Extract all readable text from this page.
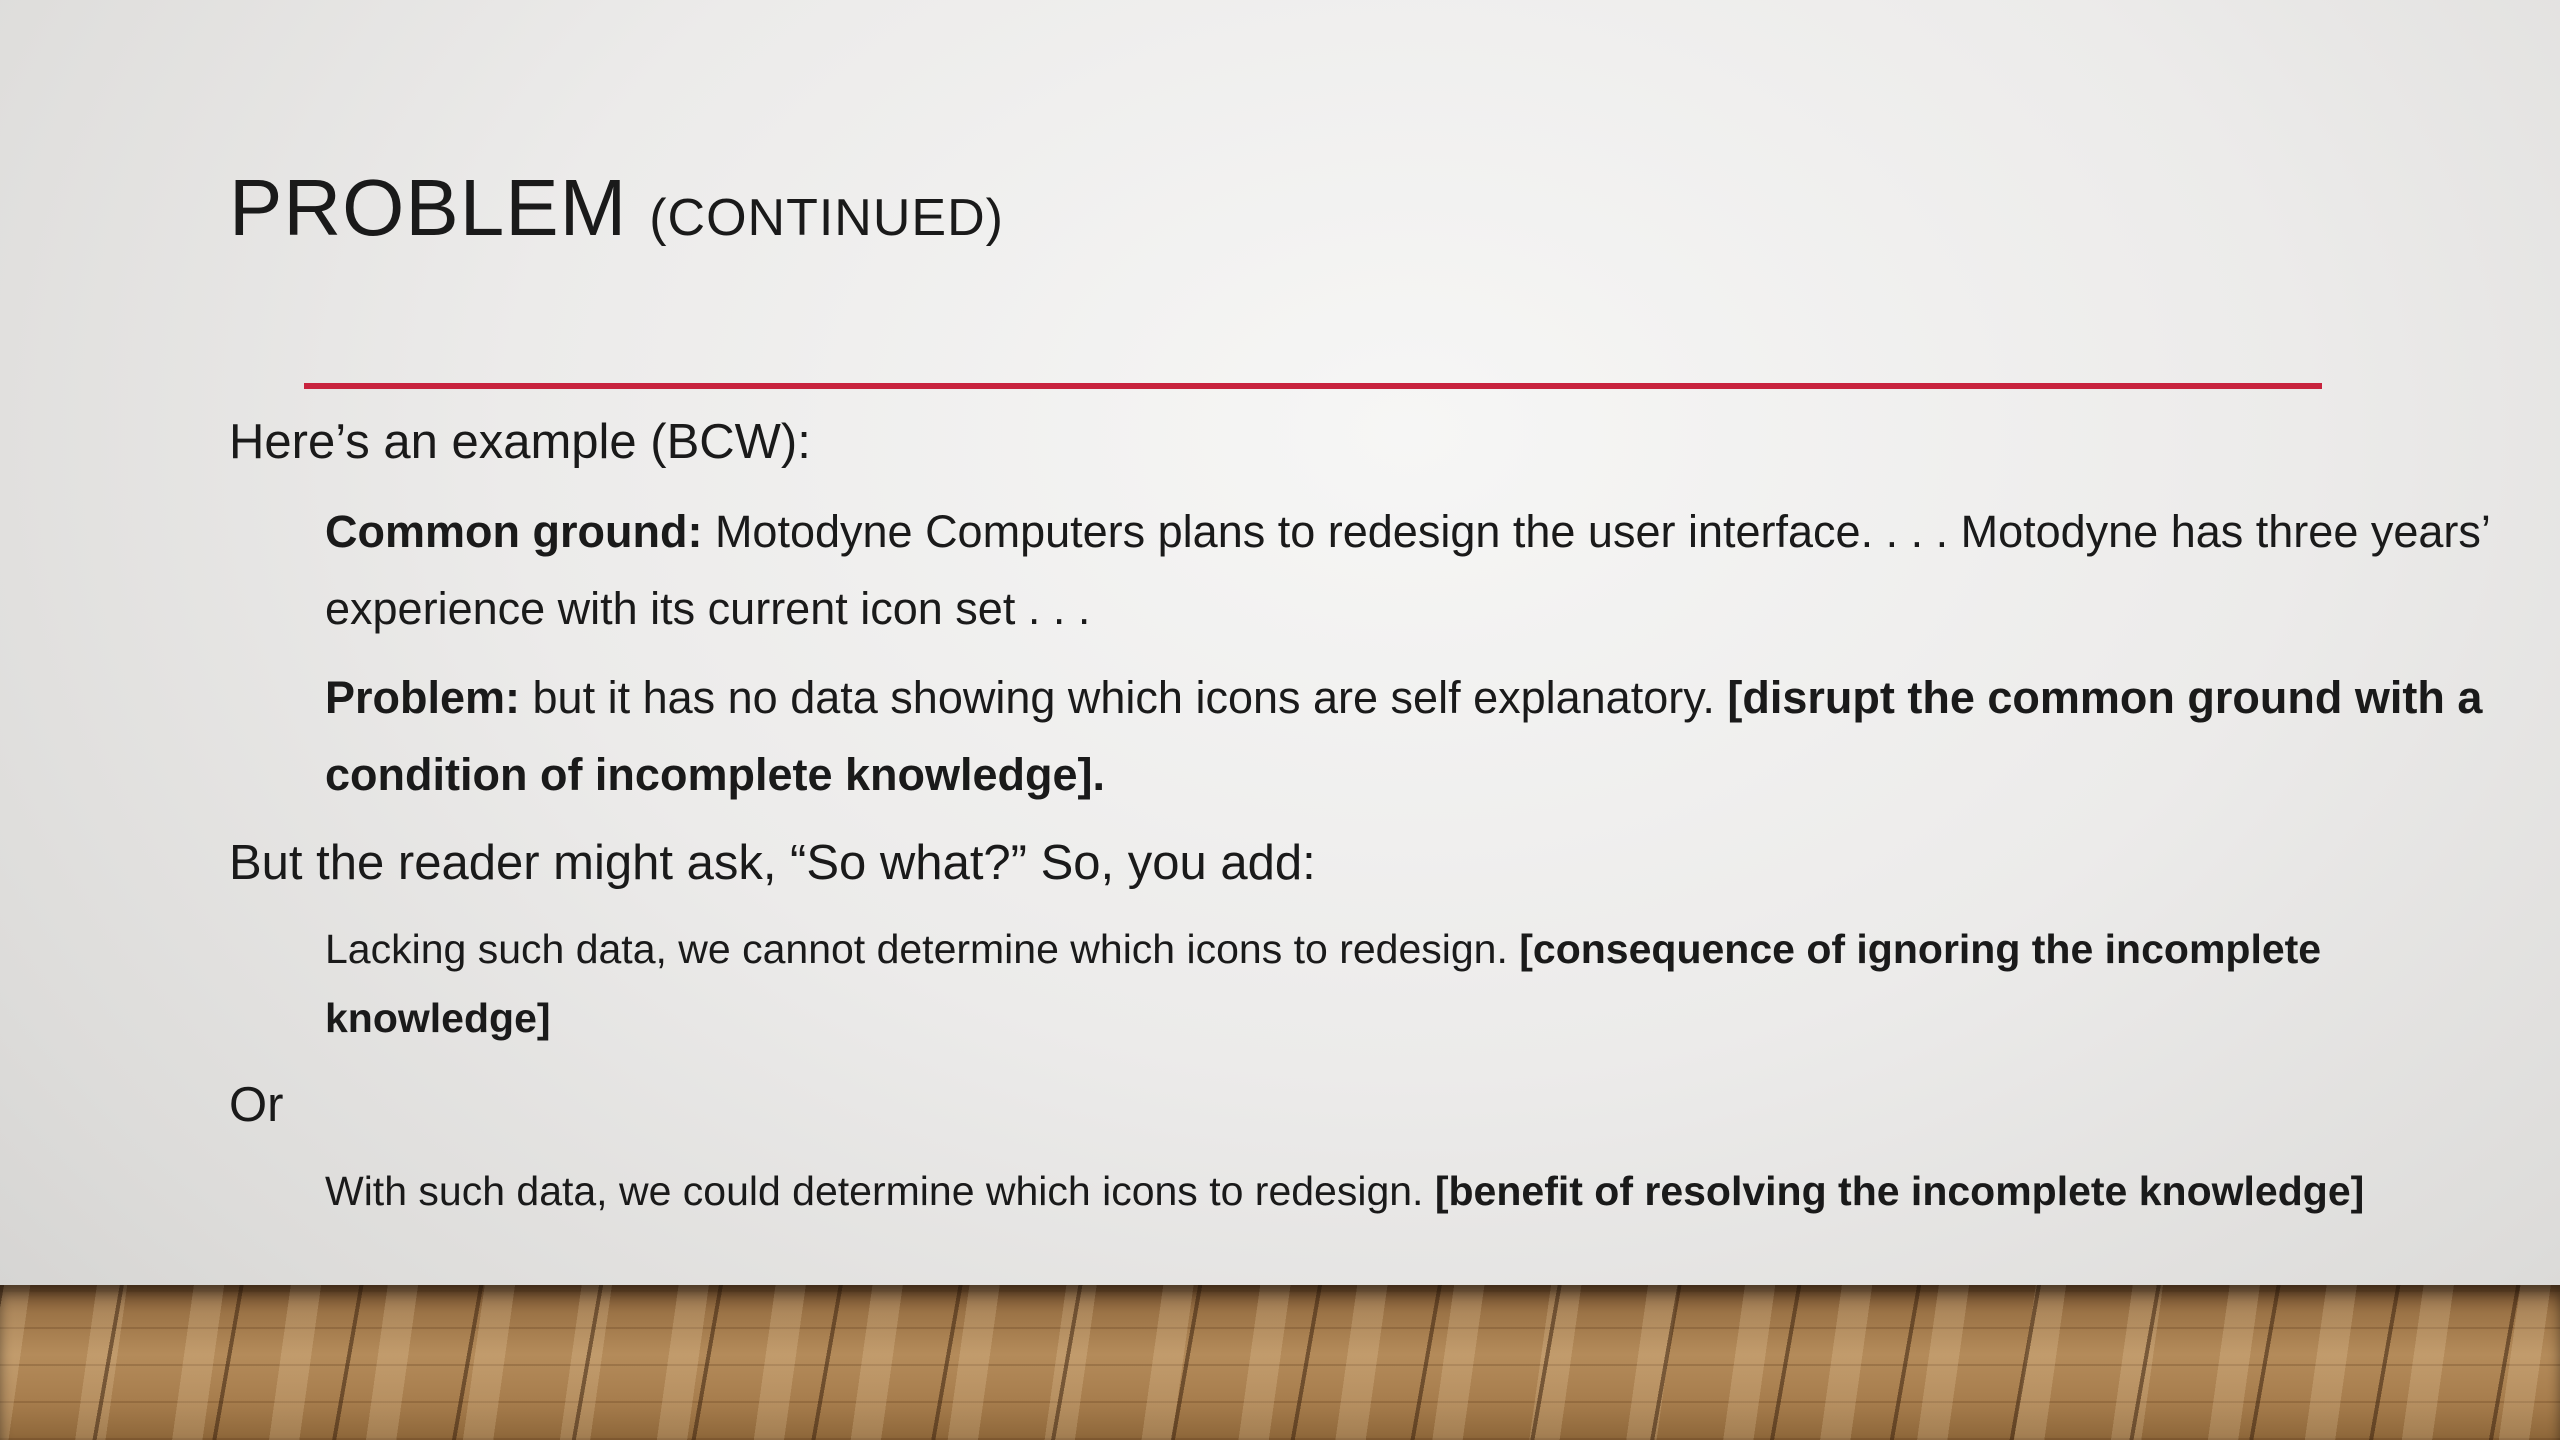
PROBLEM (CONTINUED)

Here’s an example (BCW):

Common ground: Motodyne Computers plans to redesign the user interface. . . . Motodyne has three years’ experience with its current icon set . . .

Problem: but it has no data showing which icons are self explanatory. [disrupt the common ground with a condition of incomplete knowledge].

But the reader might ask, “So what?” So, you add:

Lacking such data, we cannot determine which icons to redesign. [consequence of ignoring the incomplete knowledge]

Or

With such data, we could determine which icons to redesign. [benefit of resolving the incomplete knowledge]
